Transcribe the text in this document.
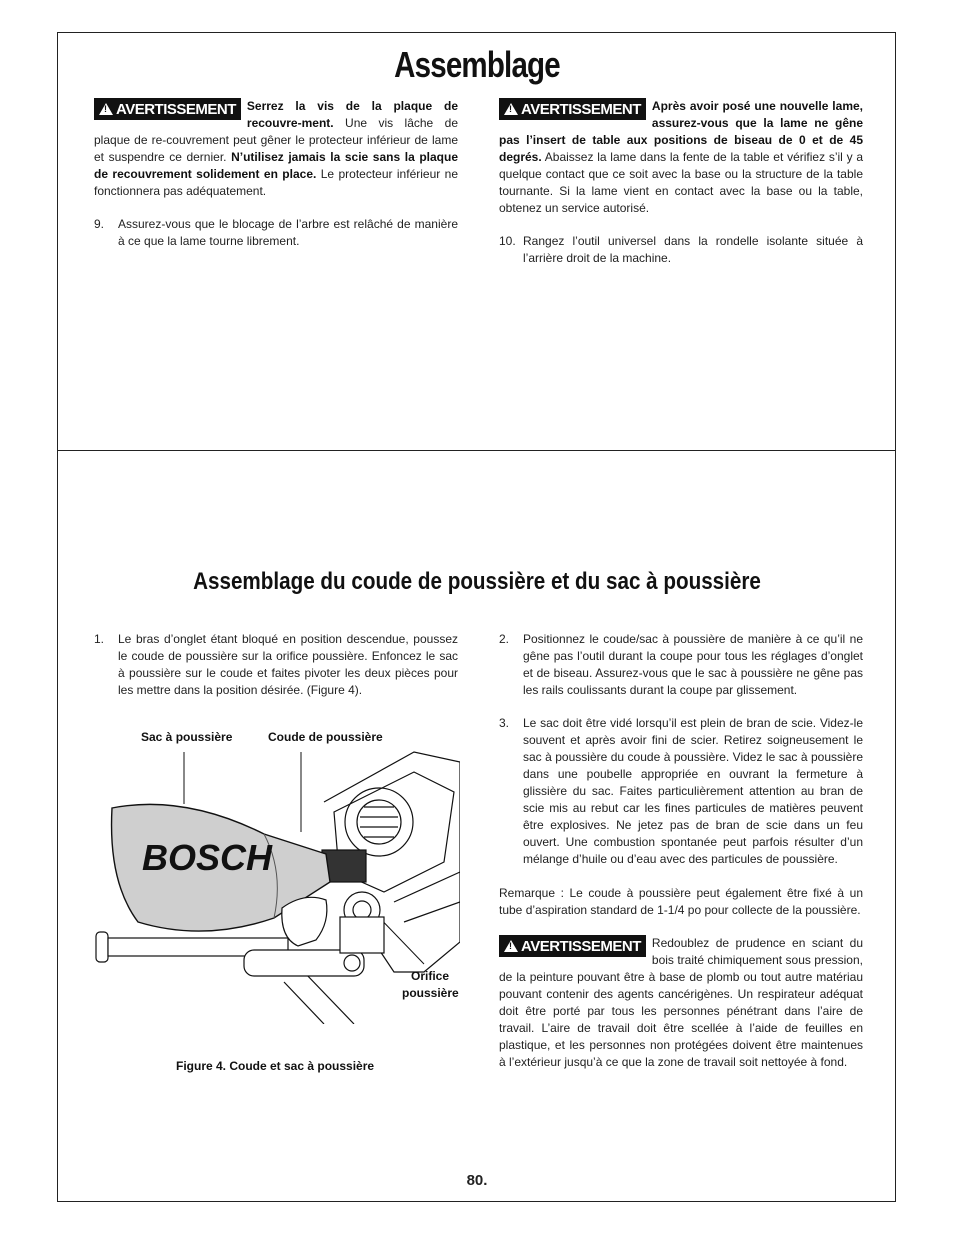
Assemblage
!
AVERTISSEMENT Serrez la vis de la plaque de recouvre-ment. Une vis lâche de plaque de re-couvrement peut gêner le protecteur inférieur de lame et suspendre ce dernier. N’utilisez jamais la scie sans la plaque de recouvrement solidement en place. Le protecteur inférieur ne fonctionnera pas adéquatement.
9.	Assurez-vous que le blocage de l’arbre est relâché de manière à ce que la lame tourne librement.
!
AVERTISSEMENT Après avoir posé une nouvelle lame, assurez-vous que la lame ne gêne pas l’insert de table aux positions de biseau de 0 et de 45 degrés. Abaissez la lame dans la fente de la table et vérifiez s’il y a quelque contact que ce soit avec la base ou la structure de la table tournante. Si la lame vient en contact avec la base ou la table, obtenez un service autorisé.
10. Rangez l’outil universel dans la rondelle isolante située à l’arrière droit de la machine.
Assemblage du coude de poussière et du sac à poussière
1.	Le bras d’onglet étant bloqué en position descendue, poussez le coude de poussière sur la orifice poussière. Enfoncez le sac à poussière sur le coude et faites pivoter les deux pièces pour les mettre dans la position désirée. (Figure 4).
Sac à poussière	Coude de poussière
Orifice
poussière
BOSCH
Figure 4. Coude et sac à poussière
2.	Positionnez le coude/sac à poussière de manière à ce qu’il ne gêne pas l’outil durant la coupe pour tous les réglages d’onglet et de biseau. Assurez-vous que le sac à poussière ne gêne pas les rails coulissants durant la coupe par glissement.
3.	Le sac doit être vidé lorsqu’il est plein de bran de scie. Videz-le souvent et après avoir fini de scier. Retirez soigneusement le sac à poussière du coude à poussière. Videz le sac à poussière dans une poubelle appropriée en ouvrant la fermeture à glissière du sac. Faites particulièrement attention au bran de scie mis au rebut car les fines particules de matières peuvent être explosives. Ne jetez pas de bran de scie dans un feu ouvert. Une combustion spontanée peut parfois résulter d’un mélange d’huile ou d’eau avec des particules de poussière.
Remarque : Le coude à poussière peut également être fixé à un tube d’aspiration standard de 1-1/4 po pour collecte de la poussière.
!
AVERTISSEMENT Redoublez de prudence en sciant du bois traité chimiquement sous pression, de la peinture pouvant être à base de plomb ou tout autre matériau pouvant contenir des agents cancérigènes. Un respirateur adéquat doit être porté par tous les personnes pénétrant dans l’aire de travail. L’aire de travail doit être scellée à l’aide de feuilles en plastique, et les personnes non protégées doivent être maintenues à l’extérieur jusqu’à ce que la zone de travail soit nettoyée à fond.
80.
